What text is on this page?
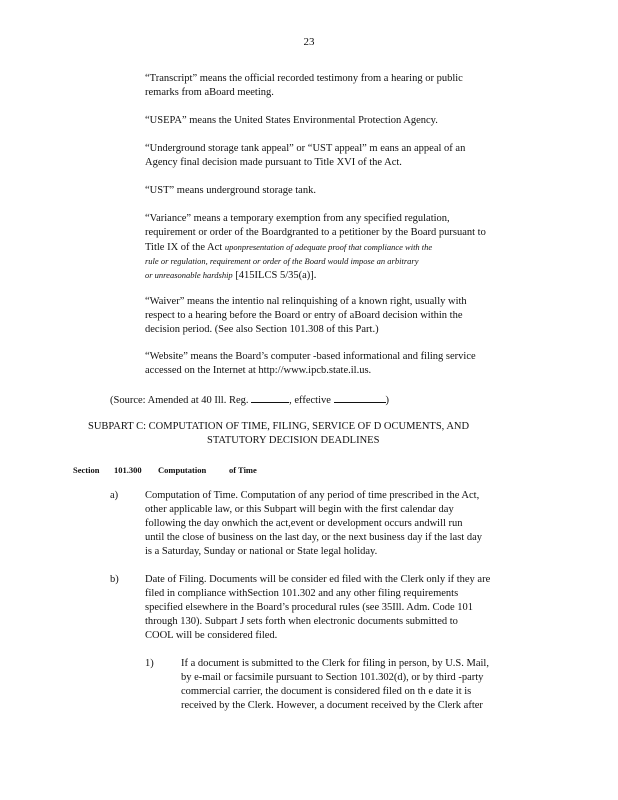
23
“Transcript” means the official recorded testimony from a hearing or public
remarks from aBoard meeting.
“USEPA” means the United States Environmental Protection Agency.
“Underground storage tank appeal” or “UST appeal” m eans an appeal of an
Agency final decision made pursuant to Title XVI of the Act.
“UST” means underground storage tank.
“Variance” means a temporary exemption from any specified regulation,
requirement or order of the Boardgranted to a petitioner by the Board pursuant to
Title IX of the Act uponpresentation of adequate proof that compliance with the
rule or regulation, requirement or order of the Board would impose an arbitrary
or unreasonable hardship [415ILCS 5/35(a)].
“Waiver” means the intentio nal relinquishing of a known right, usually with
respect to a hearing before the Board or entry of aBoard decision within the
decision period. (See also Section 101.308 of this Part.)
“Website” means the Board’s computer -based informational and filing service
accessed on the Internet at http://www.ipcb.state.il.us.
(Source: Amended at 40 Ill. Reg.	, effective	)
SUBPART C: COMPUTATION OF TIME, FILING, SERVICE OF D OCUMENTS, AND
STATUTORY DECISION DEADLINES
Section 101.300 Computation	of Time
a)	Computation of Time. Computation of any period of time prescribed in the Act,
other applicable law, or this Subpart will begin with the first calendar day
following the day onwhich the act,event or development occurs andwill run
until the close of business on the last day, or the next business day if the last day
is a Saturday, Sunday or national or State legal holiday.
b)	Date of Filing. Documents will be consider ed filed with the Clerk only if they are
filed in compliance withSection 101.302 and any other filing requirements
specified elsewhere in the Board’s procedural rules (see 35Ill. Adm. Code 101
through 130). Subpart J sets forth when electronic documents submitted to
COOL will be considered filed.
1)	If a document is submitted to the Clerk for filing in person, by U.S. Mail,
by e-mail or facsimile pursuant to Section 101.302(d), or by third -party
commercial carrier, the document is considered filed on th e date it is
received by the Clerk. However, a document received by the Clerk after
